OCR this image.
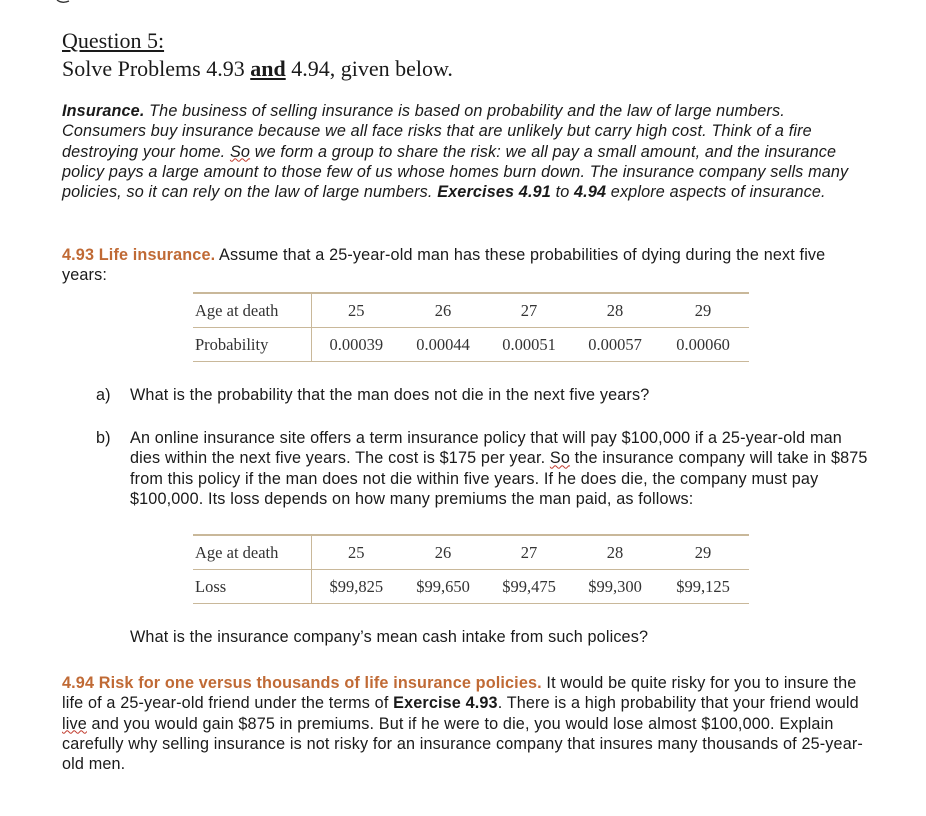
Question 5:
Solve Problems 4.93 and 4.94, given below.
Insurance. The business of selling insurance is based on probability and the law of large numbers. Consumers buy insurance because we all face risks that are unlikely but carry high cost. Think of a fire destroying your home. So we form a group to share the risk: we all pay a small amount, and the insurance policy pays a large amount to those few of us whose homes burn down. The insurance company sells many policies, so it can rely on the law of large numbers. Exercises 4.91 to 4.94 explore aspects of insurance.
4.93 Life insurance. Assume that a 25-year-old man has these probabilities of dying during the next five years:
Age at death	25	26	27	28	29
Probability	0.00039	0.00044	0.00051	0.00057	0.00060
a)	What is the probability that the man does not die in the next five years?
b)	An online insurance site offers a term insurance policy that will pay $100,000 if a 25-year-old man dies within the next five years. The cost is $175 per year. So the insurance company will take in $875 from this policy if the man does not die within five years. If he does die, the company must pay $100,000. Its loss depends on how many premiums the man paid, as follows:
Age at death	25	26	27	28	29
Loss	$99,825	$99,650	$99,475	$99,300	$99,125
What is the insurance company’s mean cash intake from such polices?
4.94 Risk for one versus thousands of life insurance policies. It would be quite risky for you to insure the life of a 25-year-old friend under the terms of Exercise 4.93. There is a high probability that your friend would live and you would gain $875 in premiums. But if he were to die, you would lose almost $100,000. Explain carefully why selling insurance is not risky for an insurance company that insures many thousands of 25-year-old men.
